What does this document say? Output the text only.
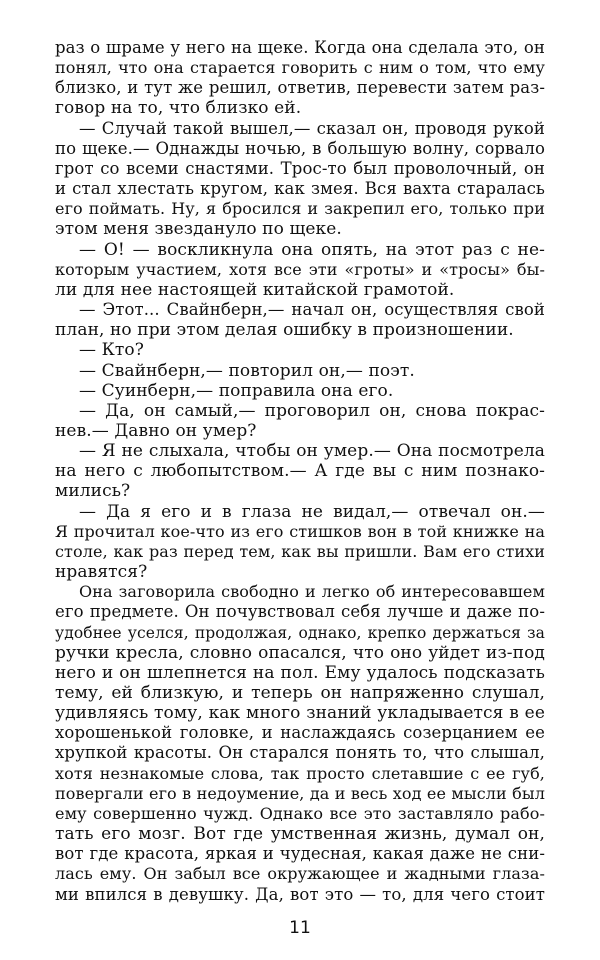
раз о шраме у него на щеке. Когда она сделала это, он
понял, что она старается говорить с ним о том, что ему
близко, и тут же решил, ответив, перевести затем раз-
говор на то, что близко ей.
— Случай такой вышел,— сказал он, проводя рукой
по щеке.— Однажды ночью, в большую волну, сорвало
грот со всеми снастями. Трос-то был проволочный, он
и стал хлестать кругом, как змея. Вся вахта старалась
его поймать. Ну, я бросился и закрепил его, только при
этом меня звездануло по щеке.
— О! — воскликнула она опять, на этот раз с не-
которым участием, хотя все эти «гроты» и «тросы» бы-
ли для нее настоящей китайской грамотой.
— Этот... Свайнберн,— начал он, осуществляя свой
план, но при этом делая ошибку в произношении.
— Кто?
— Свайнберн,— повторил он,— поэт.
— Суинберн,— поправила она его.
— Да, он самый,— проговорил он, снова покрас-
нев.— Давно он умер?
— Я не слыхала, чтобы он умер.— Она посмотрела
на него с любопытством.— А где вы с ним познако-
мились?
— Да я его и в глаза не видал,— отвечал он.—
Я прочитал кое-что из его стишков вон в той книжке на
столе, как раз перед тем, как вы пришли. Вам его стихи
нравятся?
Она заговорила свободно и легко об интересовавшем
его предмете. Он почувствовал себя лучше и даже по-
удобнее уселся, продолжая, однако, крепко держаться за
ручки кресла, словно опасался, что оно уйдет из-под
него и он шлепнется на пол. Ему удалось подсказать
тему, ей близкую, и теперь он напряженно слушал,
удивляясь тому, как много знаний укладывается в ее
хорошенькой головке, и наслаждаясь созерцанием ее
хрупкой красоты. Он старался понять то, что слышал,
хотя незнакомые слова, так просто слетавшие с ее губ,
повергали его в недоумение, да и весь ход ее мысли был
ему совершенно чужд. Однако все это заставляло рабо-
тать его мозг. Вот где умственная жизнь, думал он,
вот где красота, яркая и чудесная, какая даже не сни-
лась ему. Он забыл все окружающее и жадными глаза-
ми впился в девушку. Да, вот это — то, для чего стоит
11
